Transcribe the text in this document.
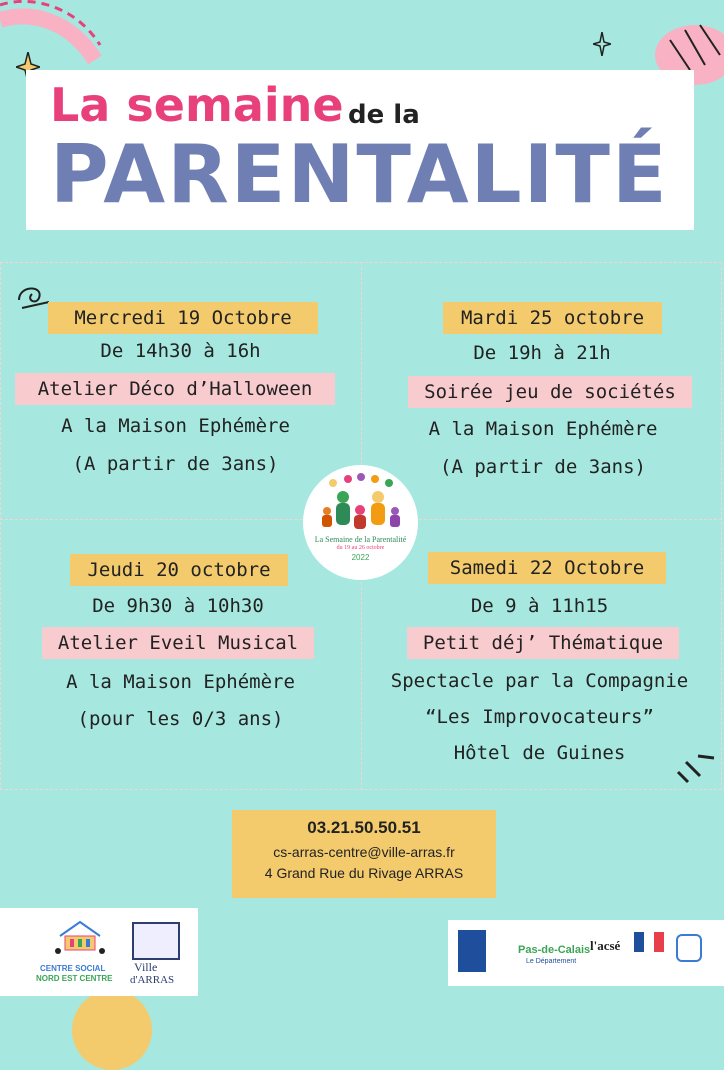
La semaine de la
PARENTALITÉ
Mercredi 19 Octobre
De 14h30 à 16h
Atelier Déco d’Halloween
A la Maison Ephémère
(A partir de 3ans)
Mardi 25 octobre
De 19h à 21h
Soirée jeu de sociétés
A la Maison Ephémère
(A partir de 3ans)
Jeudi 20 octobre
De 9h30 à 10h30
Atelier Eveil Musical
A la Maison Ephémère
(pour les 0/3 ans)
Samedi 22 Octobre
De 9 à 11h15
Petit déj’ Thématique
Spectacle par la Compagnie
“Les Improvocateurs”
Hôtel de Guines
La Semaine de la Parentalité
du 19 au 26 octobre
2022
03.21.50.50.51
cs-arras-centre@ville-arras.fr
4 Grand Rue du Rivage ARRAS
CENTRE SOCIAL
NORD EST CENTRE
Ville
d'ARRAS
Pas-de-Calais
Le Département
l'acsé
